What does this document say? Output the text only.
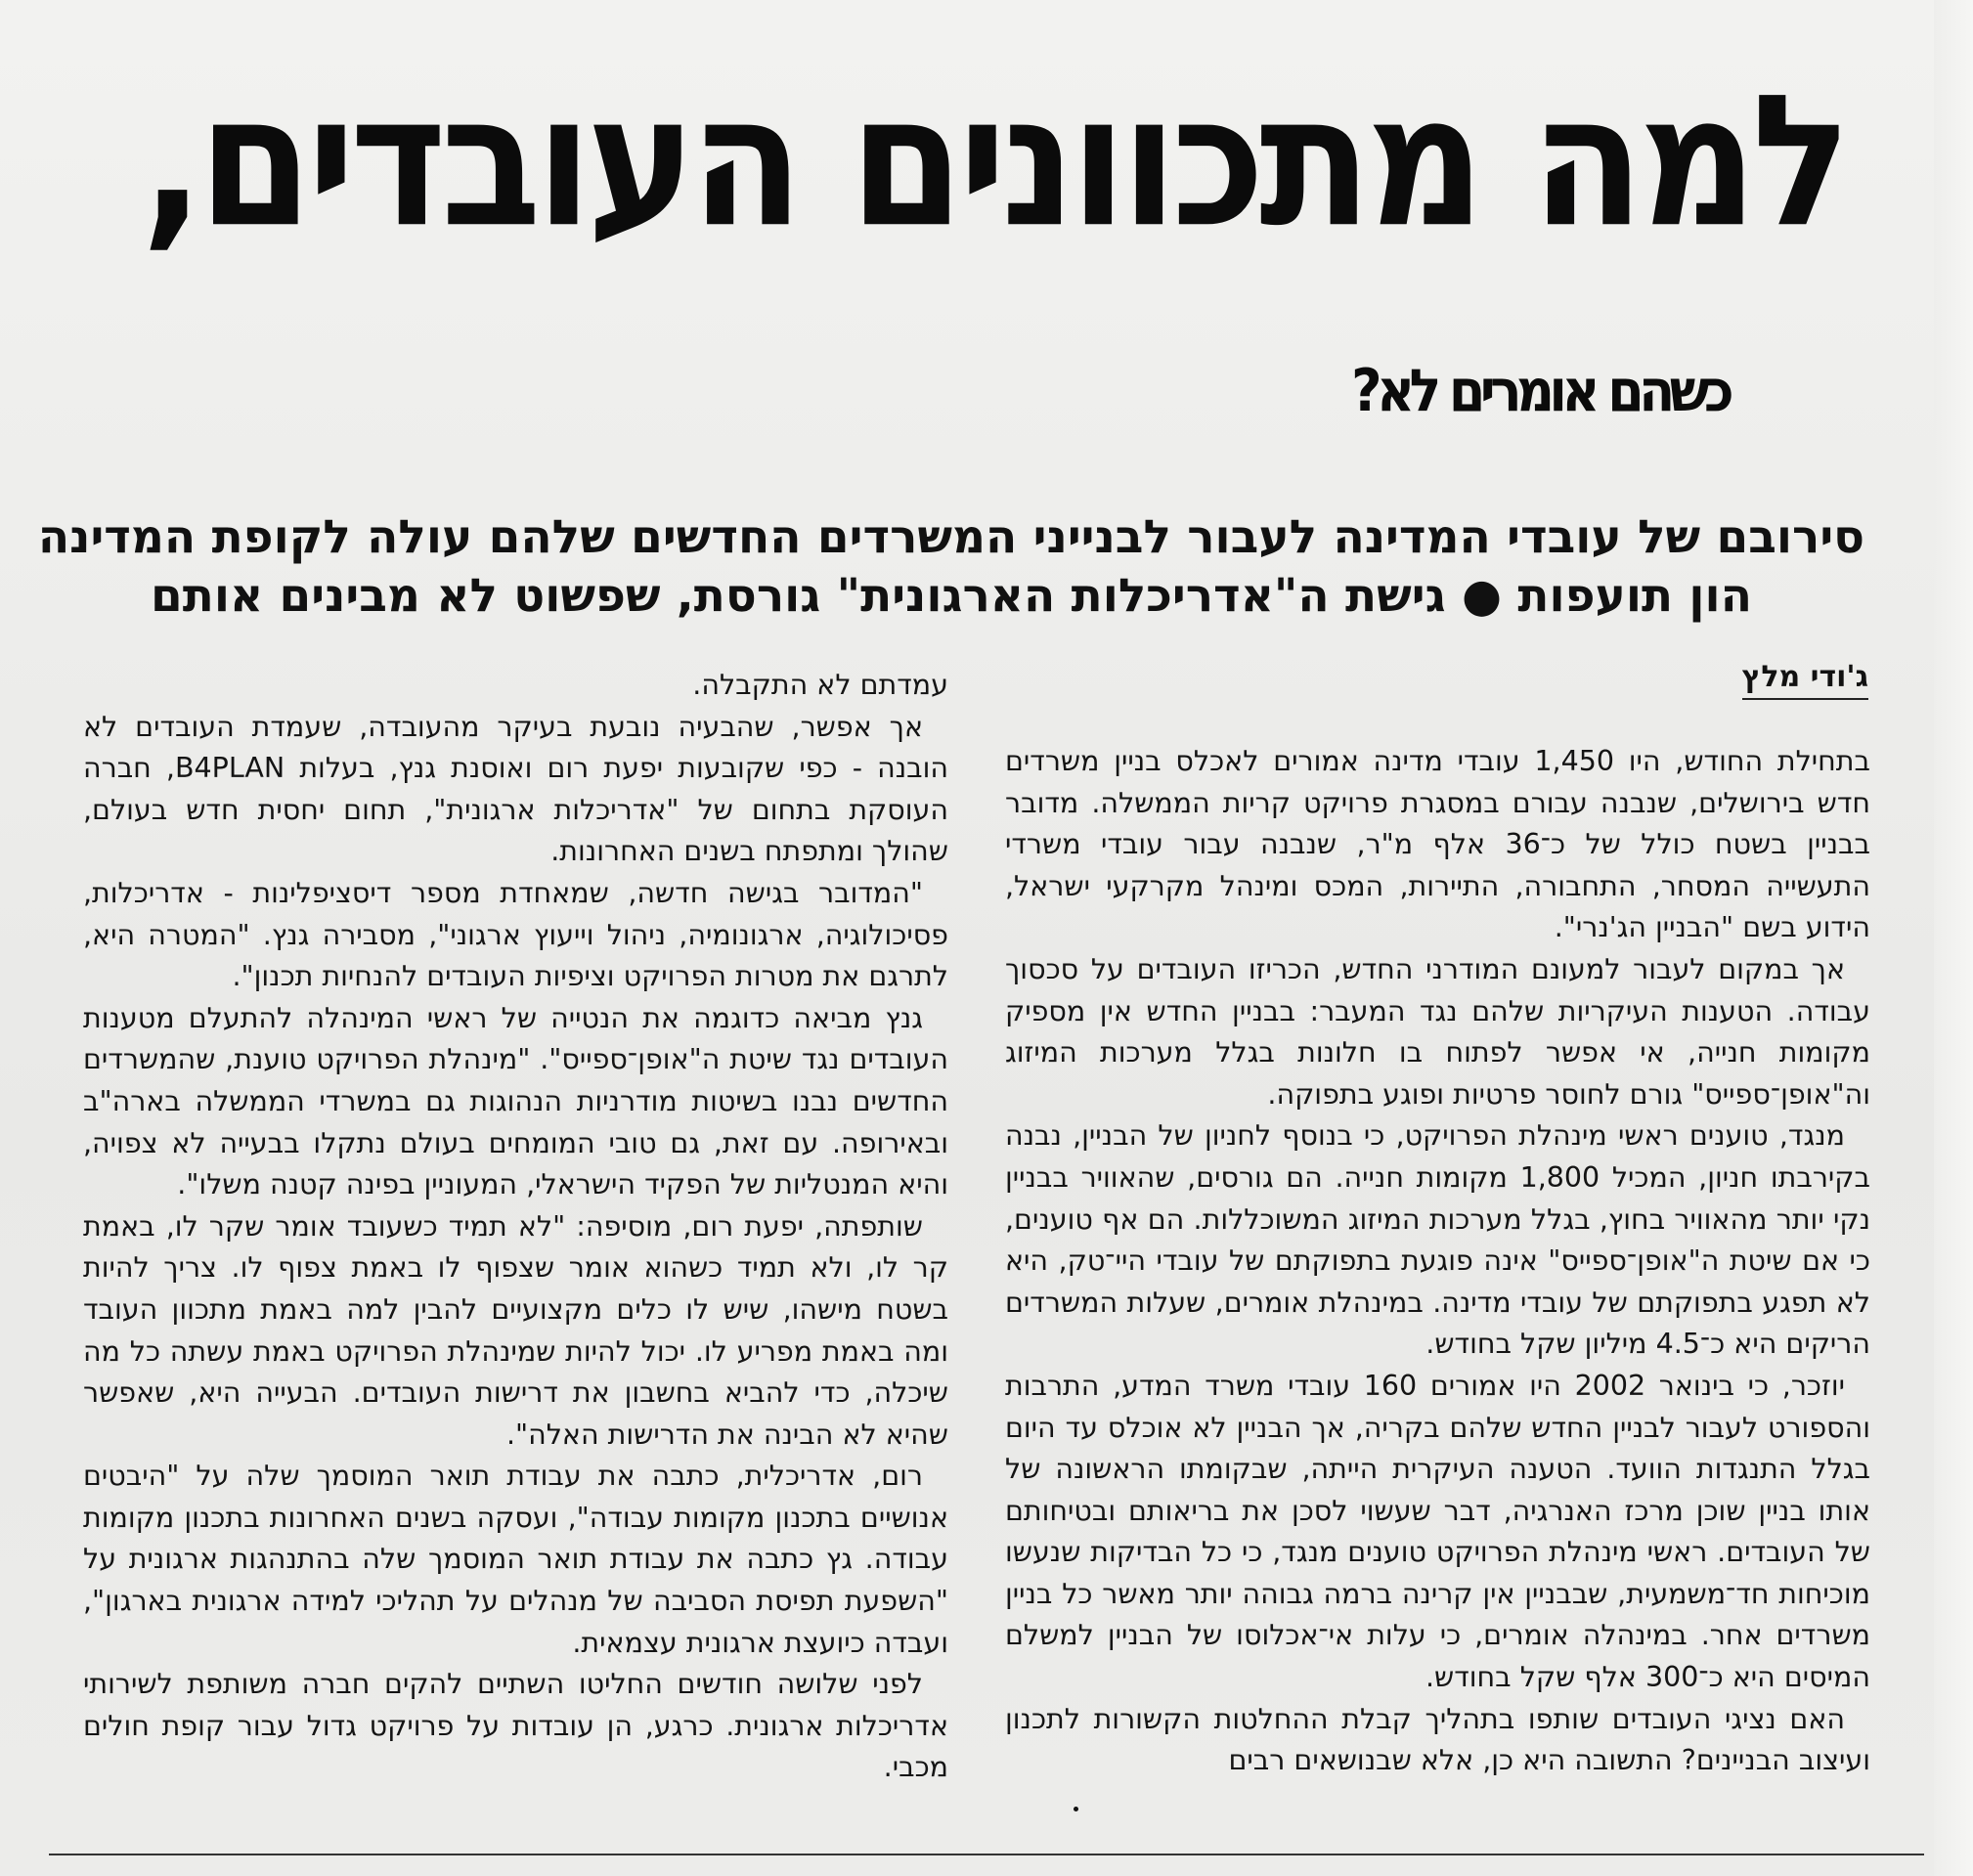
למה מתכוונים העובדים,
כשהם אומרים לא?
סירובם של עובדי המדינה לעבור לבנייני המשרדים החדשים שלהם עולה לקופת המדינה הון תועפות ● גישת ה"אדריכלות הארגונית" גורסת, שפשוט לא מבינים אותם
ג'ודי מלץ

בתחילת החודש, היו 1,450 עובדי מדינה אמורים לאכלס בניין משרדים חדש בירושלים, שנבנה עבורם במסגרת פרויקט קריות הממשלה. מדובר בבניין בשטח כולל של כ־36 אלף מ"ר, שנבנה עבור עובדי משרדי התעשייה המסחר, התחבורה, התיירות, המכס ומינהל מקרקעי ישראל, הידוע בשם "הבניין הג'נרי".

אך במקום לעבור למעונם המודרני החדש, הכריזו העובדים על סכסוך עבודה. הטענות העיקריות שלהם נגד המעבר: בבניין החדש אין מספיק מקומות חנייה, אי אפשר לפתוח בו חלונות בגלל מערכות המיזוג וה"אופן־ספייס" גורם לחוסר פרטיות ופוגע בתפוקה.

מנגד, טוענים ראשי מינהלת הפרויקט, כי בנוסף לחניון של הבניין, נבנה בקירבתו חניון, המכיל 1,800 מקומות חנייה. הם גורסים, שהאוויר בבניין נקי יותר מהאוויר בחוץ, בגלל מערכות המיזוג המשוכללות. הם אף טוענים, כי אם שיטת ה"אופן־ספייס" אינה פוגעת בתפוקתם של עובדי היי־טק, היא לא תפגע בתפוקתם של עובדי מדינה. במינהלת אומרים, שעלות המשרדים הריקים היא כ־4.5 מיליון שקל בחודש.

יוזכר, כי בינואר 2002 היו אמורים 160 עובדי משרד המדע, התרבות והספורט לעבור לבניין החדש שלהם בקריה, אך הבניין לא אוכלס עד היום בגלל התנגדות הוועד. הטענה העיקרית הייתה, שבקומתו הראשונה של אותו בניין שוכן מרכז האנרגיה, דבר שעשוי לסכן את בריאותם ובטיחותם של העובדים. ראשי מינהלת הפרויקט טוענים מנגד, כי כל הבדיקות שנעשו מוכיחות חד־משמעית, שבבניין אין קרינה ברמה גבוהה יותר מאשר כל בניין משרדים אחר. במינהלה אומרים, כי עלות אי־אכלוסו של הבניין למשלם המיסים היא כ־300 אלף שקל בחודש.

האם נציגי העובדים שותפו בתהליך קבלת ההחלטות הקשורות לתכנון ועיצוב הבניינים? התשובה היא כן, אלא שבנושאים רבים

עמדתם לא התקבלה.

אך אפשר, שהבעיה נובעת בעיקר מהעובדה, שעמדת העובדים לא הובנה - כפי שקובעות יפעת רום ואוסנת גנץ, בעלות B4PLAN, חברה העוסקת בתחום של "אדריכלות ארגונית", תחום יחסית חדש בעולם, שהולך ומתפתח בשנים האחרונות.

"המדובר בגישה חדשה, שמאחדת מספר דיסציפלינות - אדריכלות, פסיכולוגיה, ארגונומיה, ניהול וייעוץ ארגוני", מסבירה גנץ. "המטרה היא, לתרגם את מטרות הפרויקט וציפיות העובדים להנחיות תכנון".

גנץ מביאה כדוגמה את הנטייה של ראשי המינהלה להתעלם מטענות העובדים נגד שיטת ה"אופן־ספייס". "מינהלת הפרויקט טוענת, שהמשרדים החדשים נבנו בשיטות מודרניות הנהוגות גם במשרדי הממשלה בארה"ב ובאירופה. עם זאת, גם טובי המומחים בעולם נתקלו בבעייה לא צפויה, והיא המנטליות של הפקיד הישראלי, המעוניין בפינה קטנה משלו".

שותפתה, יפעת רום, מוסיפה: "לא תמיד כשעובד אומר שקר לו, באמת קר לו, ולא תמיד כשהוא אומר שצפוף לו באמת צפוף לו. צריך להיות בשטח מישהו, שיש לו כלים מקצועיים להבין למה באמת מתכוון העובד ומה באמת מפריע לו. יכול להיות שמינהלת הפרויקט באמת עשתה כל מה שיכלה, כדי להביא בחשבון את דרישות העובדים. הבעייה היא, שאפשר שהיא לא הבינה את הדרישות האלה".

רום, אדריכלית, כתבה את עבודת תואר המוסמך שלה על "היבטים אנושיים בתכנון מקומות עבודה", ועסקה בשנים האחרונות בתכנון מקומות עבודה. גץ כתבה את עבודת תואר המוסמך שלה בהתנהגות ארגונית על "השפעת תפיסת הסביבה של מנהלים על תהליכי למידה ארגונית בארגון", ועבדה כיועצת ארגונית עצמאית.

לפני שלושה חודשים החליטו השתיים להקים חברה משותפת לשירותי אדריכלות ארגונית. כרגע, הן עובדות על פרויקט גדול עבור קופת חולים מכבי.
